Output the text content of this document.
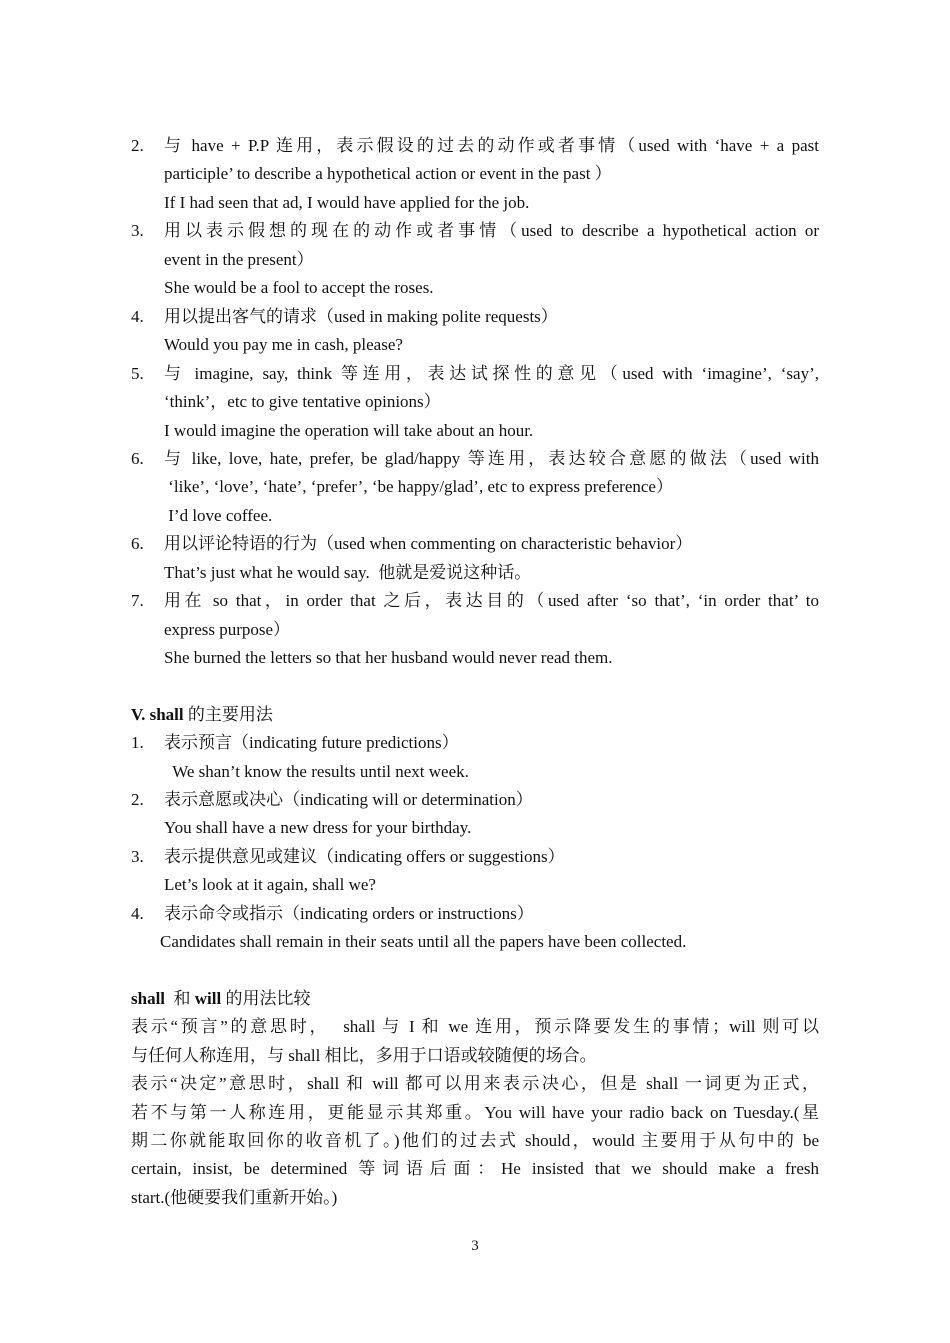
2. 与 have + P.P 连用，表示假设的过去的动作或者事情（used with ‘have + a past
participle’ to describe a hypothetical action or event in the past ）
If I had seen that ad, I would have applied for the job.
3. 用以表示假想的现在的动作或者事情（used to describe a hypothetical action or
event in the present）
She would be a fool to accept the roses.
4. 用以提出客气的请求（used in making polite requests）
Would you pay me in cash, please?
5. 与 imagine, say, think 等连用，表达试探性的意见（used with ‘imagine’, ‘say’,
‘think’，etc to give tentative opinions）
I would imagine the operation will take about an hour.
6. 与 like, love, hate, prefer, be glad/happy 等连用，表达较合意愿的做法（used with
‘like’, ‘love’, ‘hate’, ‘prefer’, ‘be happy/glad’, etc to express preference）
I’d love coffee.
6. 用以评论特语的行为（used when commenting on characteristic behavior）
That’s just what he would say.  他就是爱说这种话。
7. 用在 so that，in order that 之后，表达目的（used after ‘so that’, ‘in order that’ to
express purpose）
She burned the letters so that her husband would never read them.
V. shall 的主要用法
1. 表示预言（indicating future predictions）
We shan’t know the results until next week.
2. 表示意愿或决心（indicating will or determination）
You shall have a new dress for your birthday.
3. 表示提供意见或建议（indicating offers or suggestions）
Let’s look at it again, shall we?
4. 表示命令或指示（indicating orders or instructions）
Candidates shall remain in their seats until all the papers have been collected.
shall  和 will 的用法比较
表示“预言”的意思时，  shall 与 I 和 we 连用，预示降要发生的事情；will 则可以
与任何人称连用，与 shall 相比，多用于口语或较随便的场合。
表示“决定”意思时，shall 和 will 都可以用来表示决心，但是 shall 一词更为正式，
若不与第一人称连用，更能显示其郑重。You will have your radio back on Tuesday.(星
期二你就能取回你的收音机了。)他们的过去式 should，would 主要用于从句中的 be
certain, insist, be determined 等词语后面：He insisted that we should make a fresh
start.(他硬要我们重新开始。)
3
